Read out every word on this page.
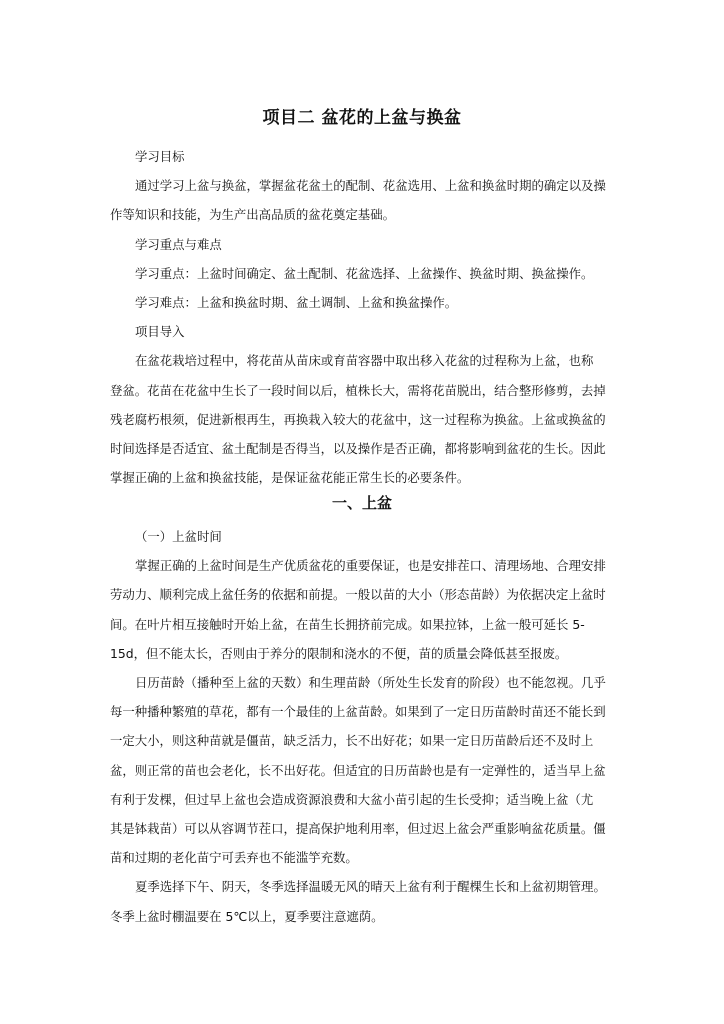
项目二 盆花的上盆与换盆
学习目标
通过学习上盆与换盆，掌握盆花盆土的配制、花盆选用、上盆和换盆时期的确定以及操
作等知识和技能，为生产出高品质的盆花奠定基础。
学习重点与难点
学习重点：上盆时间确定、盆土配制、花盆选择、上盆操作、换盆时期、换盆操作。
学习难点：上盆和换盆时期、盆土调制、上盆和换盆操作。
项目导入
在盆花栽培过程中，将花苗从苗床或育苗容器中取出移入花盆的过程称为上盆，也称
登盆。花苗在花盆中生长了一段时间以后，植株长大，需将花苗脱出，结合整形修剪，去掉
残老腐朽根须，促进新根再生，再换栽入较大的花盆中，这一过程称为换盆。上盆或换盆的
时间选择是否适宜、盆土配制是否得当，以及操作是否正确，都将影响到盆花的生长。因此
掌握正确的上盆和换盆技能，是保证盆花能正常生长的必要条件。
一、上盆
（一）上盆时间
掌握正确的上盆时间是生产优质盆花的重要保证，也是安排茬口、清理场地、合理安排
劳动力、顺利完成上盆任务的依据和前提。一般以苗的大小（形态苗龄）为依据决定上盆时
间。在叶片相互接触时开始上盆，在苗生长拥挤前完成。如果拉钵，上盆一般可延长 5-
15d，但不能太长，否则由于养分的限制和浇水的不便，苗的质量会降低甚至报废。
日历苗龄（播种至上盆的天数）和生理苗龄（所处生长发育的阶段）也不能忽视。几乎
每一种播种繁殖的草花，都有一个最佳的上盆苗龄。如果到了一定日历苗龄时苗还不能长到
一定大小，则这种苗就是僵苗，缺乏活力，长不出好花；如果一定日历苗龄后还不及时上
盆，则正常的苗也会老化，长不出好花。但适宜的日历苗龄也是有一定弹性的，适当早上盆
有利于发棵，但过早上盆也会造成资源浪费和大盆小苗引起的生长受抑；适当晚上盆（尤
其是钵栽苗）可以从容调节茬口，提高保护地利用率，但过迟上盆会严重影响盆花质量。僵
苗和过期的老化苗宁可丢弃也不能滥竽充数。
夏季选择下午、阴天，冬季选择温暖无风的晴天上盆有利于醒棵生长和上盆初期管理。
冬季上盆时棚温要在 5℃以上，夏季要注意遮荫。
